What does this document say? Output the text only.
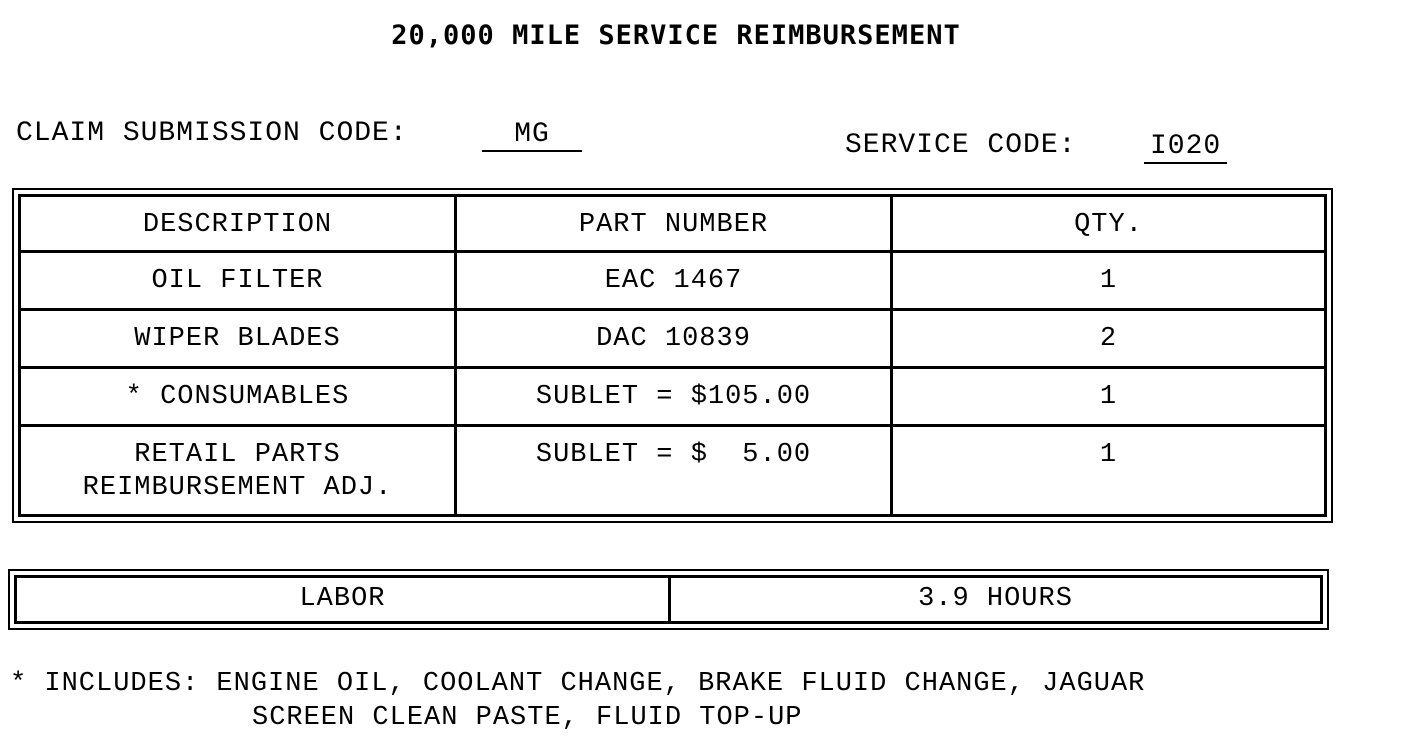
20,000 MILE SERVICE REIMBURSEMENT
CLAIM SUBMISSION CODE:	MG	SERVICE CODE:	I020
DESCRIPTION	PART NUMBER	QTY.
OIL FILTER	EAC 1467	1
WIPER BLADES	DAC 10839	2
* CONSUMABLES	SUBLET = $105.00	1

RETAIL PARTS
REIMBURSEMENT ADJ.	SUBLET = $  5.00	1
LABOR	3.9 HOURS
* INCLUDES: ENGINE OIL, COOLANT CHANGE, BRAKE FLUID CHANGE, JAGUAR
SCREEN CLEAN PASTE, FLUID TOP-UP
